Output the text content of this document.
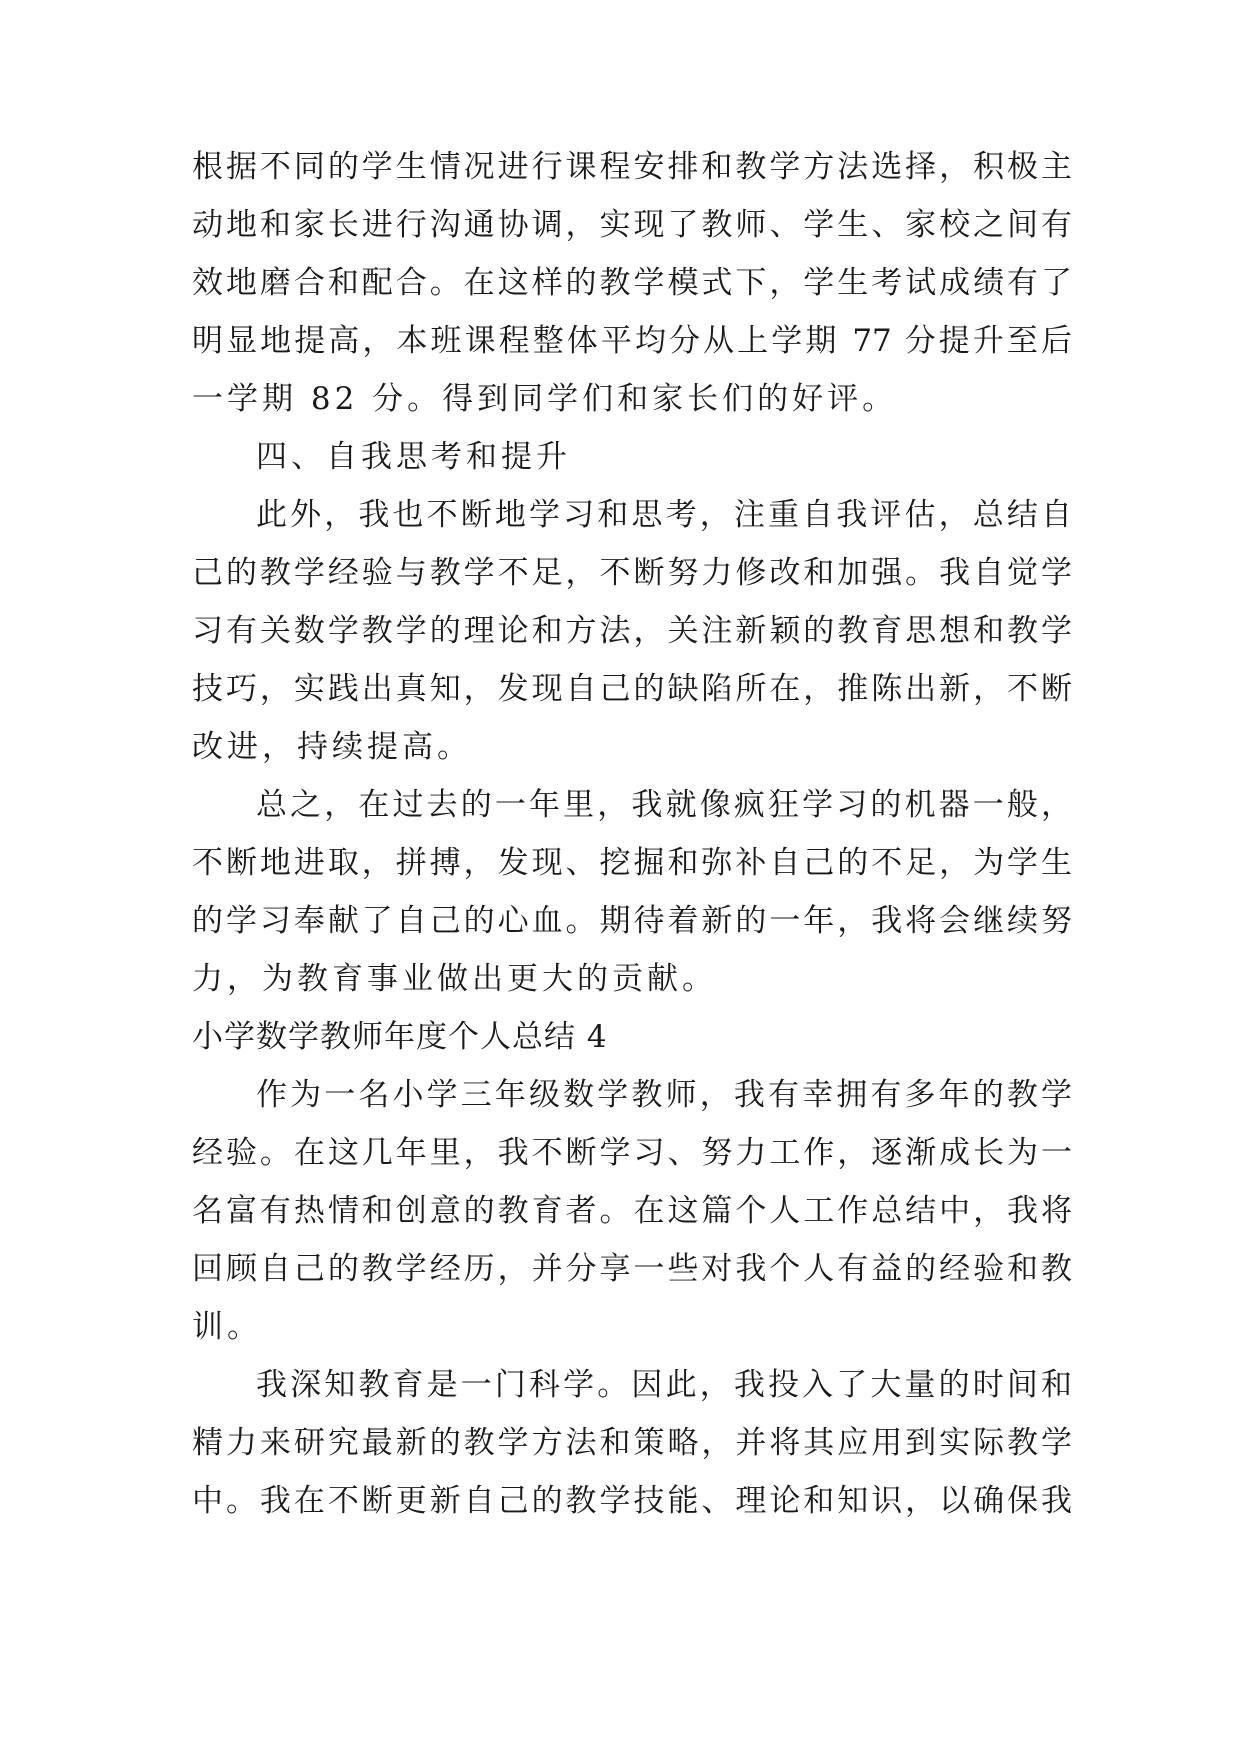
根据不同的学生情况进行课程安排和教学方法选择，积极主
动地和家长进行沟通协调，实现了教师、学生、家校之间有
效地磨合和配合。在这样的教学模式下，学生考试成绩有了
明显地提高，本班课程整体平均分从上学期 77 分提升至后
一学期 82 分。得到同学们和家长们的好评。
四、自我思考和提升
此外，我也不断地学习和思考，注重自我评估，总结自
己的教学经验与教学不足，不断努力修改和加强。我自觉学
习有关数学教学的理论和方法，关注新颖的教育思想和教学
技巧，实践出真知，发现自己的缺陷所在，推陈出新，不断
改进，持续提高。
总之，在过去的一年里，我就像疯狂学习的机器一般，
不断地进取，拼搏，发现、挖掘和弥补自己的不足，为学生
的学习奉献了自己的心血。期待着新的一年，我将会继续努
力，为教育事业做出更大的贡献。
小学数学教师年度个人总结 4
作为一名小学三年级数学教师，我有幸拥有多年的教学
经验。在这几年里，我不断学习、努力工作，逐渐成长为一
名富有热情和创意的教育者。在这篇个人工作总结中，我将
回顾自己的教学经历，并分享一些对我个人有益的经验和教
训。
我深知教育是一门科学。因此，我投入了大量的时间和
精力来研究最新的教学方法和策略，并将其应用到实际教学
中。我在不断更新自己的教学技能、理论和知识，以确保我
